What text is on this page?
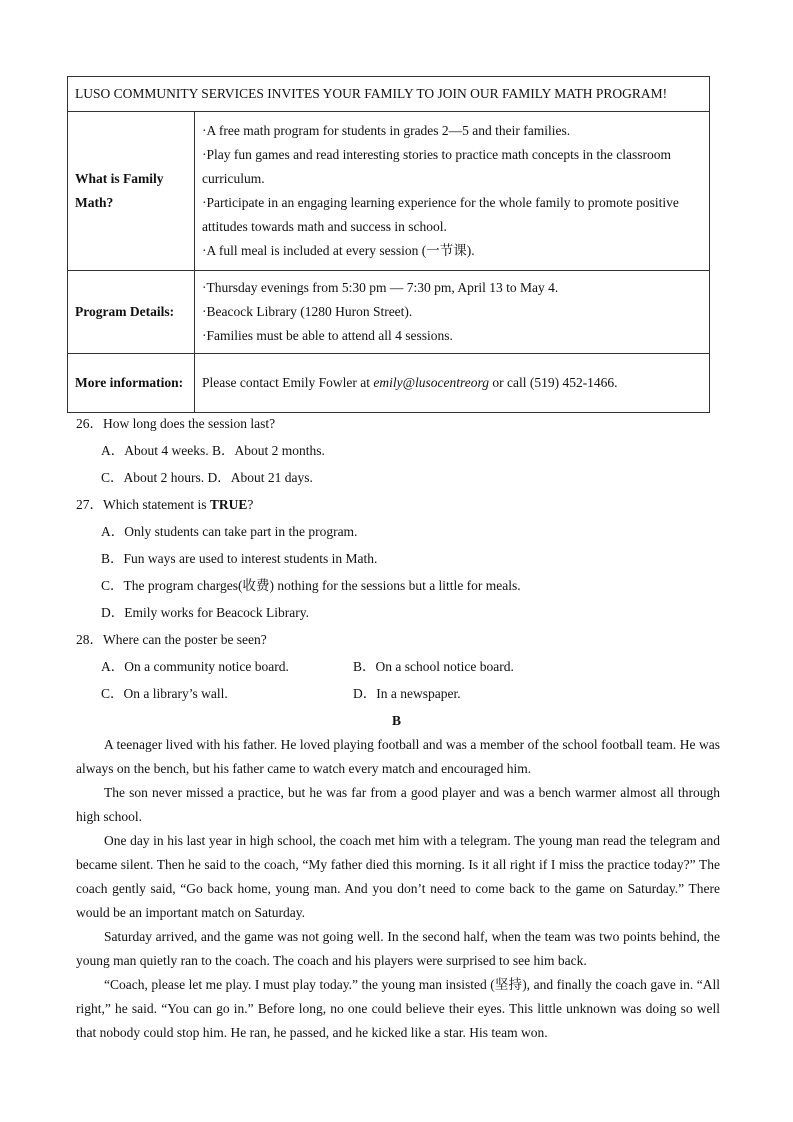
LUSO COMMUNITY SERVICES INVITES YOUR FAMILY TO JOIN OUR FAMILY MATH PROGRAM!	
What is Family Math?	·A free math program for students in grades 2—5 and their families.
·Play fun games and read interesting stories to practice math concepts in the classroom curriculum.
·Participate in an engaging learning experience for the whole family to promote positive attitudes towards math and success in school.
·A full meal is included at every session (一节课).

Program Details:	·Thursday evenings from 5:30 pm — 7:30 pm, April 13 to May 4.
·Beacock Library (1280 Huron Street).
·Families must be able to attend all 4 sessions.

More information:	Please contact Emily Fowler at emily@lusocentreorg or call (519) 452-1466.
26．How long does the session last?
A．About 4 weeks. B．About 2 months.
C．About 2 hours. D．About 21 days.
27．Which statement is TRUE?
A．Only students can take part in the program.
B．Fun ways are used to interest students in Math.
C．The program charges(收费) nothing for the sessions but a little for meals.
D．Emily works for Beacock Library.
28．Where can the poster be seen?
A．On a community notice board.	B．On a school notice board.
C．On a library’s wall.	D．In a newspaper.
B

A teenager lived with his father. He loved playing football and was a member of the school football team. He was always on the bench, but his father came to watch every match and encouraged him.

The son never missed a practice, but he was far from a good player and was a bench warmer almost all through high school.

One day in his last year in high school, the coach met him with a telegram. The young man read the telegram and became silent. Then he said to the coach, “My father died this morning. Is it all right if I miss the practice today?” The coach gently said, “Go back home, young man. And you don’t need to come back to the game on Saturday.” There would be an important match on Saturday.

Saturday arrived, and the game was not going well. In the second half, when the team was two points behind, the young man quietly ran to the coach. The coach and his players were surprised to see him back.

“Coach, please let me play. I must play today.” the young man insisted (坚持), and finally the coach gave in. “All right,” he said. “You can go in.” Before long, no one could believe their eyes. This little unknown was doing so well that nobody could stop him. He ran, he passed, and he kicked like a star. His team won.
